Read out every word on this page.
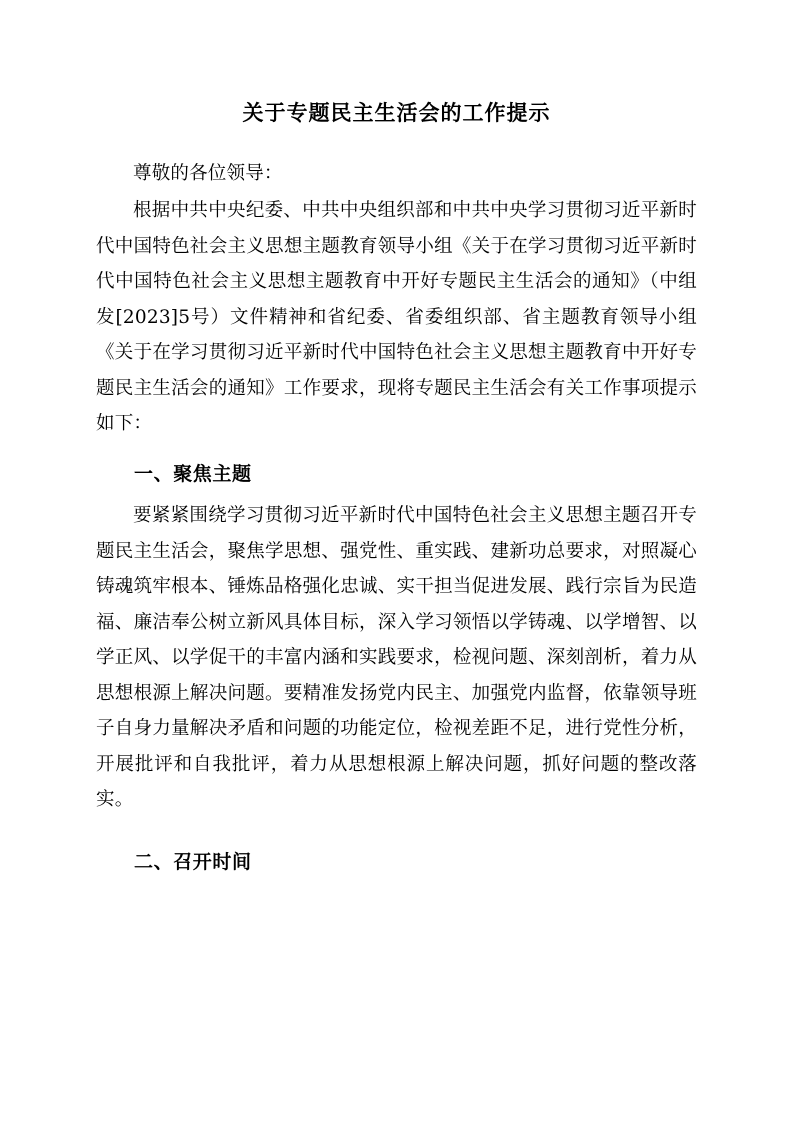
关于专题民主生活会的工作提示

尊敬的各位领导：

根据中共中央纪委、中共中央组织部和中共中央学习贯彻习近平新时代中国特色社会主义思想主题教育领导小组《关于在学习贯彻习近平新时代中国特色社会主义思想主题教育中开好专题民主生活会的通知》（中组发[2023]5号）文件精神和省纪委、省委组织部、省主题教育领导小组《关于在学习贯彻习近平新时代中国特色社会主义思想主题教育中开好专题民主生活会的通知》工作要求，现将专题民主生活会有关工作事项提示如下：

一、聚焦主题

要紧紧围绕学习贯彻习近平新时代中国特色社会主义思想主题召开专题民主生活会，聚焦学思想、强党性、重实践、建新功总要求，对照凝心铸魂筑牢根本、锤炼品格强化忠诚、实干担当促进发展、践行宗旨为民造福、廉洁奉公树立新风具体目标，深入学习领悟以学铸魂、以学增智、以学正风、以学促干的丰富内涵和实践要求，检视问题、深刻剖析，着力从思想根源上解决问题。要精准发扬党内民主、加强党内监督，依靠领导班子自身力量解决矛盾和问题的功能定位，检视差距不足，进行党性分析，开展批评和自我批评，着力从思想根源上解决问题，抓好问题的整改落实。

二、召开时间
